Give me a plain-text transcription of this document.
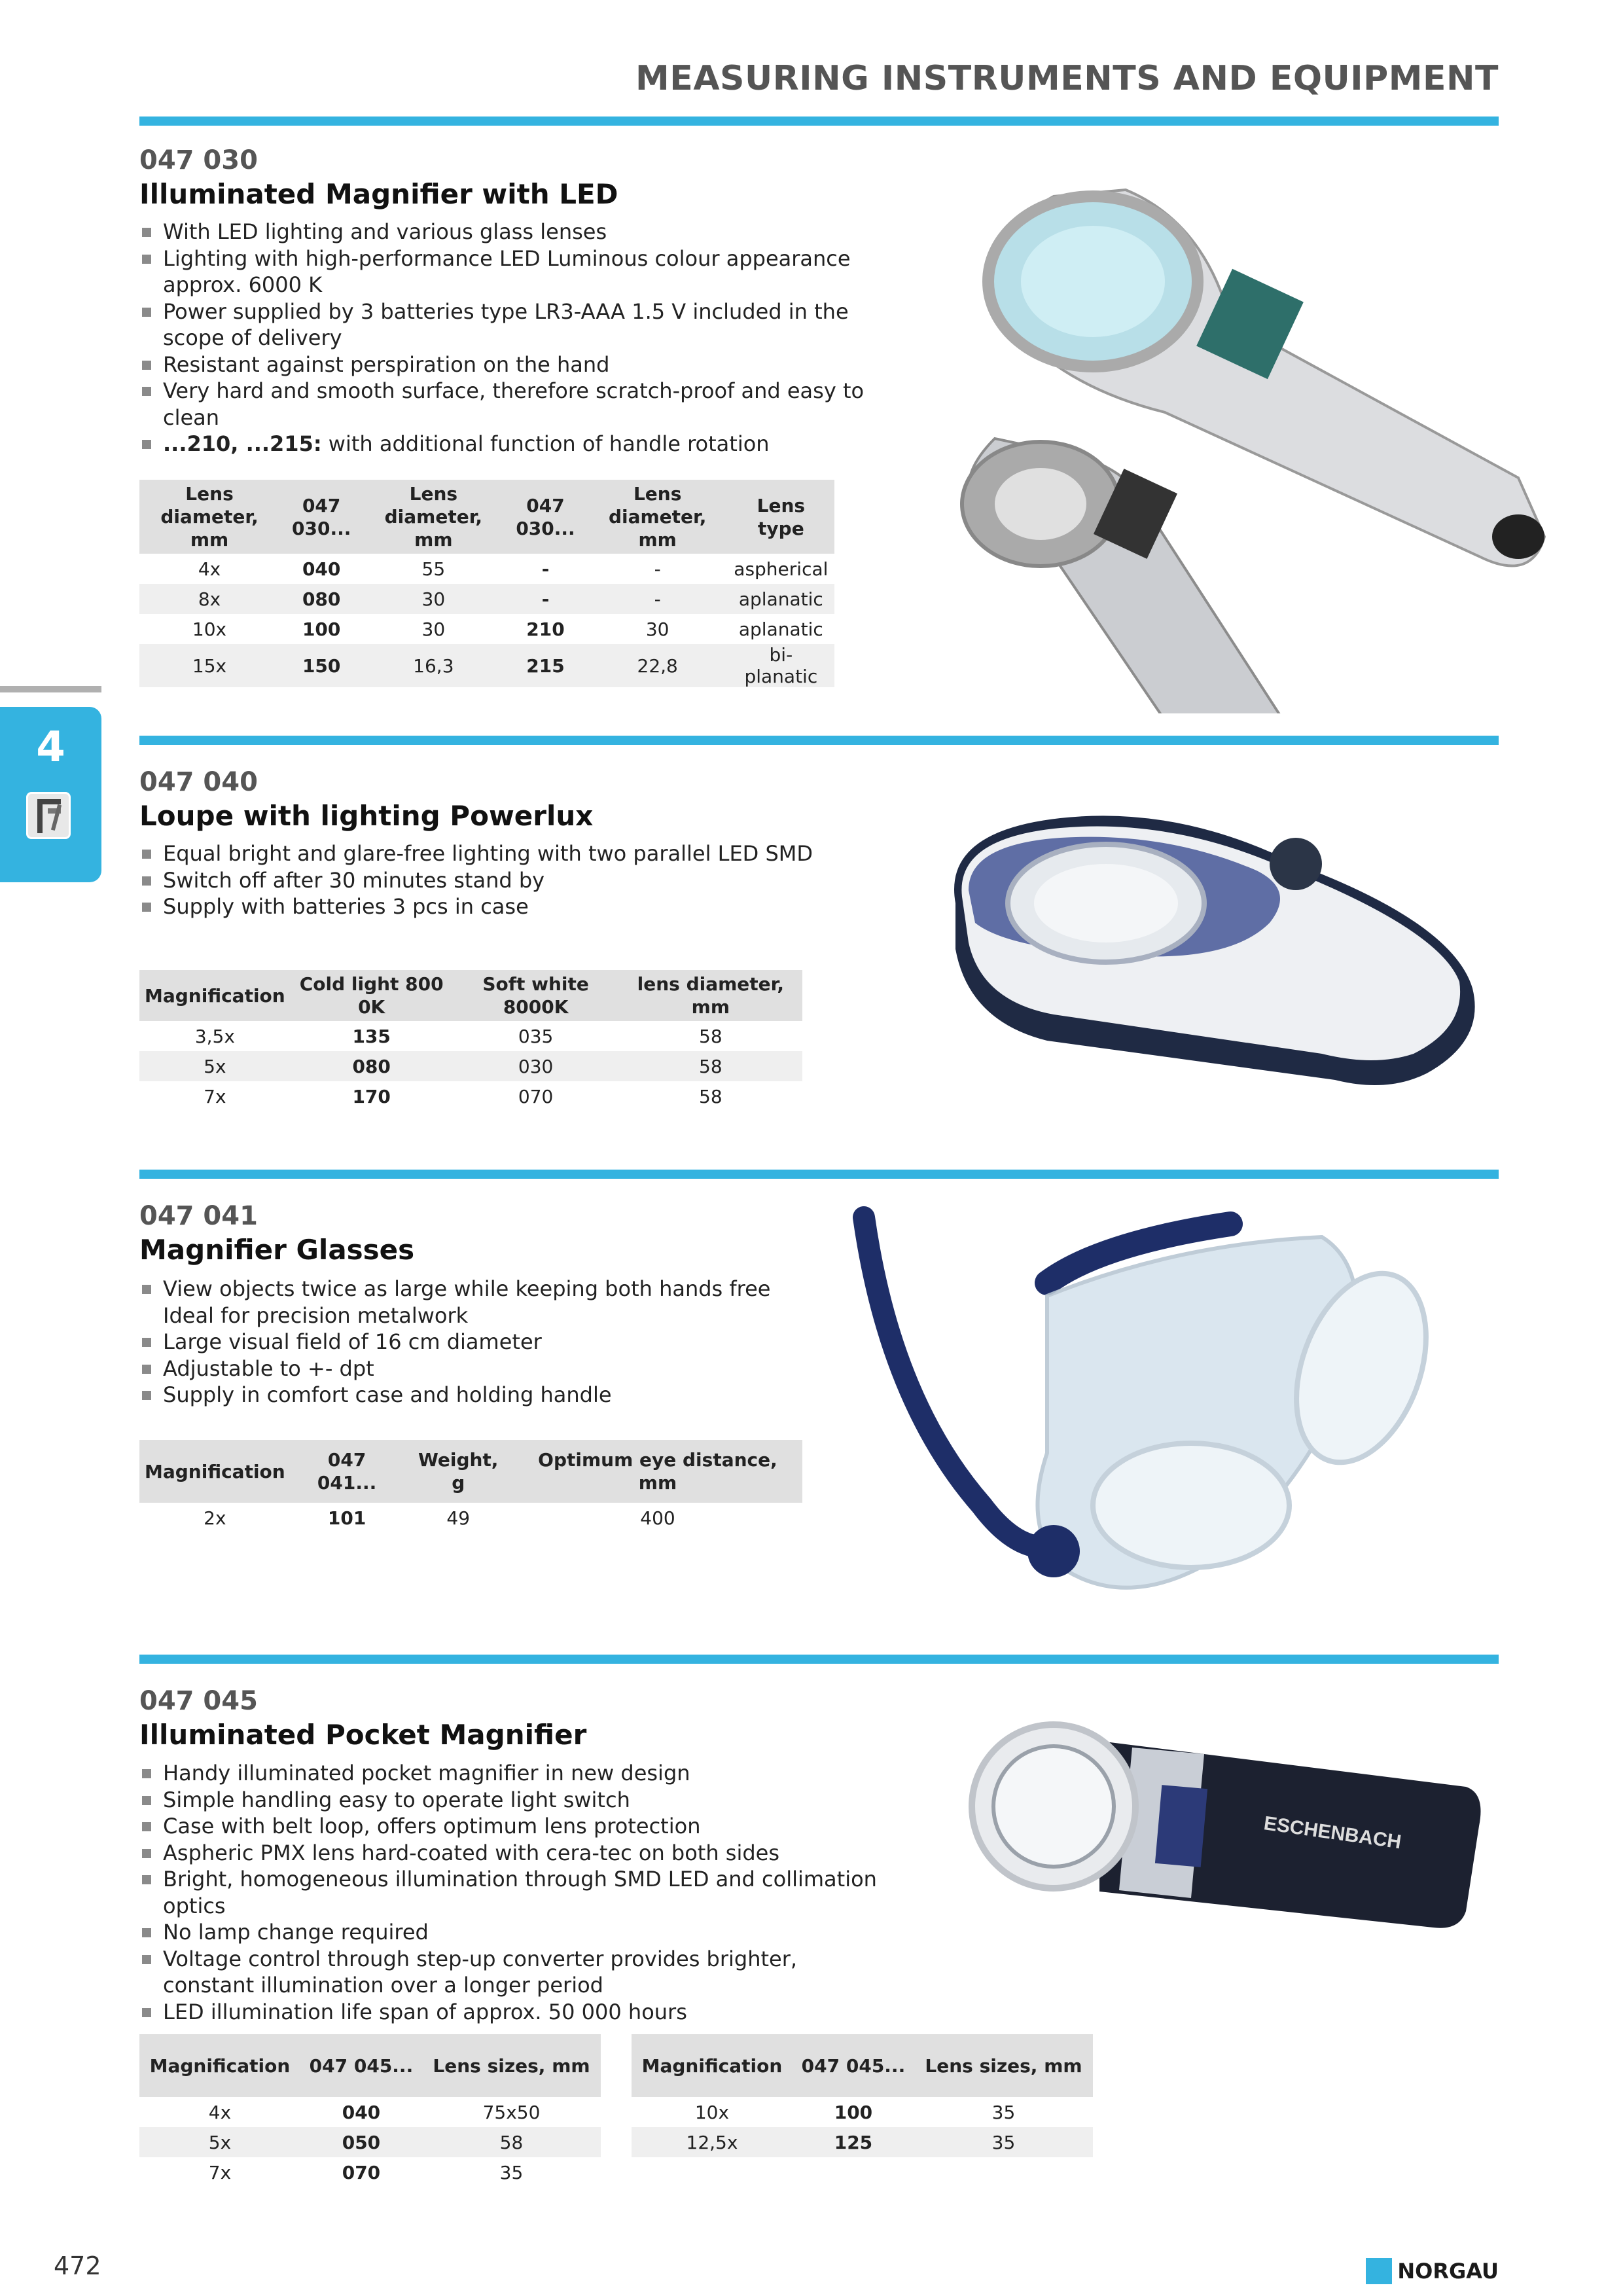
MEASURING INSTRUMENTS AND EQUIPMENT
4
047 030
Illuminated Magnifier with LED
With LED lighting and various glass lenses
Lighting with high-performance LED Luminous colour appearance approx. 6000 K
Power supplied by 3 batteries type LR3-AAA 1.5 V included in the scope of delivery
Resistant against perspiration on the hand
Very hard and smooth surface, therefore scratch-proof and easy to clean
...210, ...215: with additional function of handle rotation
Lens diameter, mm	047 030...	Lens diameter, mm	047 030...	Lens diameter, mm	Lens type
4x	040	55	-	-	aspherical
8x	080	30	-	-	aplanatic
10x	100	30	210	30	aplanatic
15x	150	16,3	215	22,8	bi-planatic
047 040
Loupe with lighting Powerlux
Equal bright and glare-free lighting with two parallel LED SMD
Switch off after 30 minutes stand by
Supply with batteries 3 pcs in case
Magnification	Cold light 800 0K	Soft white 8000K	lens diameter, mm
3,5x	135	035	58
5x	080	030	58
7x	170	070	58
047 041
Magnifier Glasses
View objects twice as large while keeping both hands free Ideal for precision metalwork
Large visual field of 16 cm diameter
Adjustable to +- dpt
Supply in comfort case and holding handle
Magnification	047 041...	Weight, g	Optimum eye distance, mm
2x	101	49	400
047 045
Illuminated Pocket Magnifier
Handy illuminated pocket magnifier in new design
Simple handling easy to operate light switch
Case with belt loop, offers optimum lens protection
Aspheric PMX lens hard-coated with cera-tec on both sides
Bright, homogeneous illumination through SMD LED and collimation optics
No lamp change required
Voltage control through step-up converter provides brighter, constant illumination over a longer period
LED illumination life span of approx. 50 000 hours
Magnification	047 045...	Lens sizes, mm
4x	040	75x50
5x	050	58
7x	070	35
Magnification	047 045...	Lens sizes, mm
10x	100	35
12,5x	125	35
ESCHENBACH
472	NORGAU
